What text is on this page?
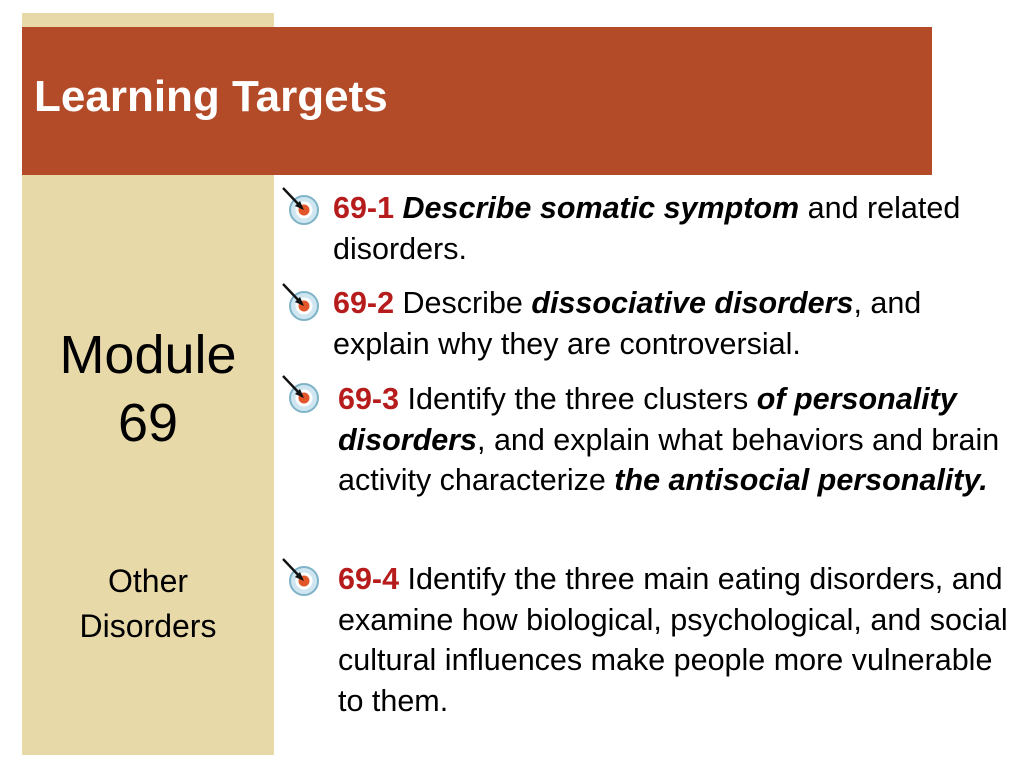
Learning Targets
Module
69
Other
Disorders
69-1 Describe somatic symptom and related disorders.
69-2 Describe dissociative disorders, and explain why they are controversial.
69-3 Identify the three clusters of personality disorders, and explain what behaviors and brain activity characterize the antisocial personality.
69-4 Identify the three main eating disorders, and examine how biological, psychological, and social cultural influences make people more vulnerable to them.
